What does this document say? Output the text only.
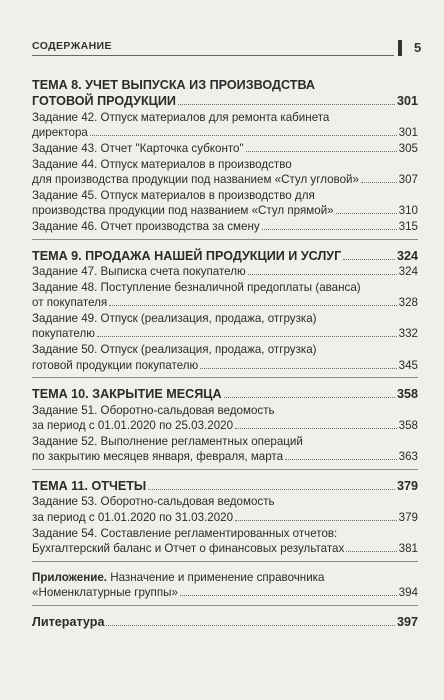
СОДЕРЖАНИЕ	5
ТЕМА 8. УЧЕТ ВЫПУСКА ИЗ ПРОИЗВОДСТВА
ГОТОВОЙ ПРОДУКЦИИ	301
Задание 42. Отпуск материалов для ремонта кабинета
директора	301
Задание 43. Отчет "Карточка субконто"	305
Задание 44. Отпуск материалов в производство
для производства продукции под названием «Стул угловой»	307
Задание 45. Отпуск материалов в производство для
производства продукции под названием «Стул прямой»	310
Задание 46. Отчет производства за смену	315
ТЕМА 9. ПРОДАЖА НАШЕЙ ПРОДУКЦИИ И УСЛУГ	324
Задание 47. Выписка счета покупателю	324
Задание 48. Поступление безналичной предоплаты (аванса)
от покупателя	328
Задание 49. Отпуск (реализация, продажа, отгрузка)
покупателю	332
Задание 50. Отпуск (реализация, продажа, отгрузка)
готовой продукции покупателю	345
ТЕМА 10. ЗАКРЫТИЕ МЕСЯЦА	358
Задание 51. Оборотно-сальдовая ведомость
за период с 01.01.2020 по 25.03.2020	358
Задание 52. Выполнение регламентных операций
по закрытию месяцев января, февраля, марта	363
ТЕМА 11. ОТЧЕТЫ	379
Задание 53. Оборотно-сальдовая ведомость
за период с 01.01.2020 по 31.03.2020	379
Задание 54. Составление регламентированных отчетов:
Бухгалтерский баланс и Отчет о финансовых результатах	381
Приложение. Назначение и применение справочника
«Номенклатурные группы»	394
Литература	397
